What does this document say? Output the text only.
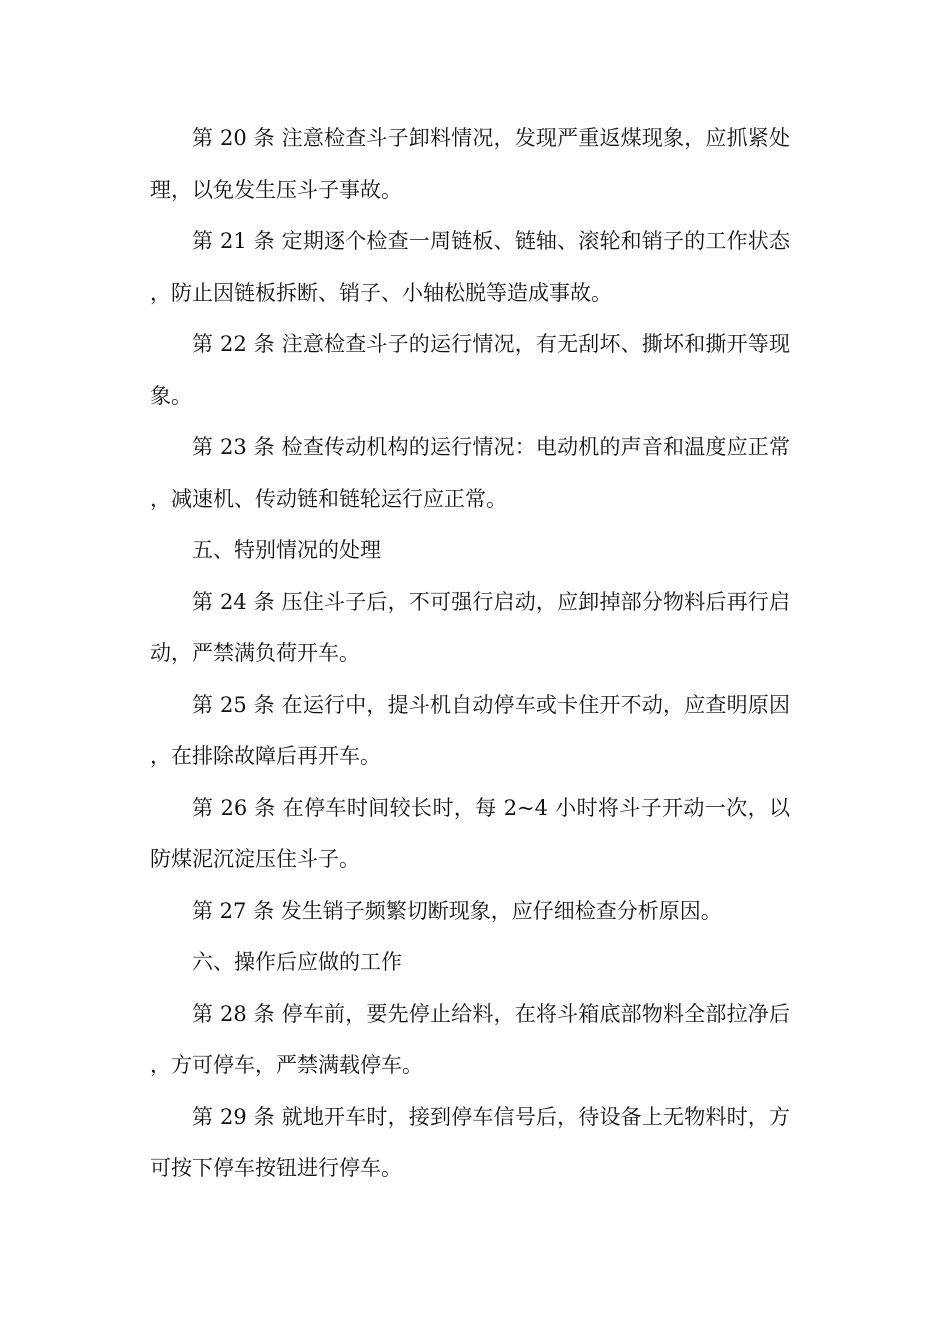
第 20 条 注意检查斗子卸料情况，发现严重返煤现象，应抓紧处理，以免发生压斗子事故。

第 21 条 定期逐个检查一周链板、链轴、滚轮和销子的工作状态，防止因链板拆断、销子、小轴松脱等造成事故。

第 22 条 注意检查斗子的运行情况，有无刮坏、撕坏和撕开等现象。

第 23 条 检查传动机构的运行情况：电动机的声音和温度应正常，减速机、传动链和链轮运行应正常。

五、特别情况的处理

第 24 条 压住斗子后，不可强行启动，应卸掉部分物料后再行启动，严禁满负荷开车。

第 25 条 在运行中，提斗机自动停车或卡住开不动，应查明原因，在排除故障后再开车。

第 26 条 在停车时间较长时，每 2~4 小时将斗子开动一次，以防煤泥沉淀压住斗子。

第 27 条 发生销子频繁切断现象，应仔细检查分析原因。

六、操作后应做的工作

第 28 条 停车前，要先停止给料，在将斗箱底部物料全部拉净后，方可停车，严禁满载停车。

第 29 条 就地开车时，接到停车信号后，待设备上无物料时，方可按下停车按钮进行停车。
